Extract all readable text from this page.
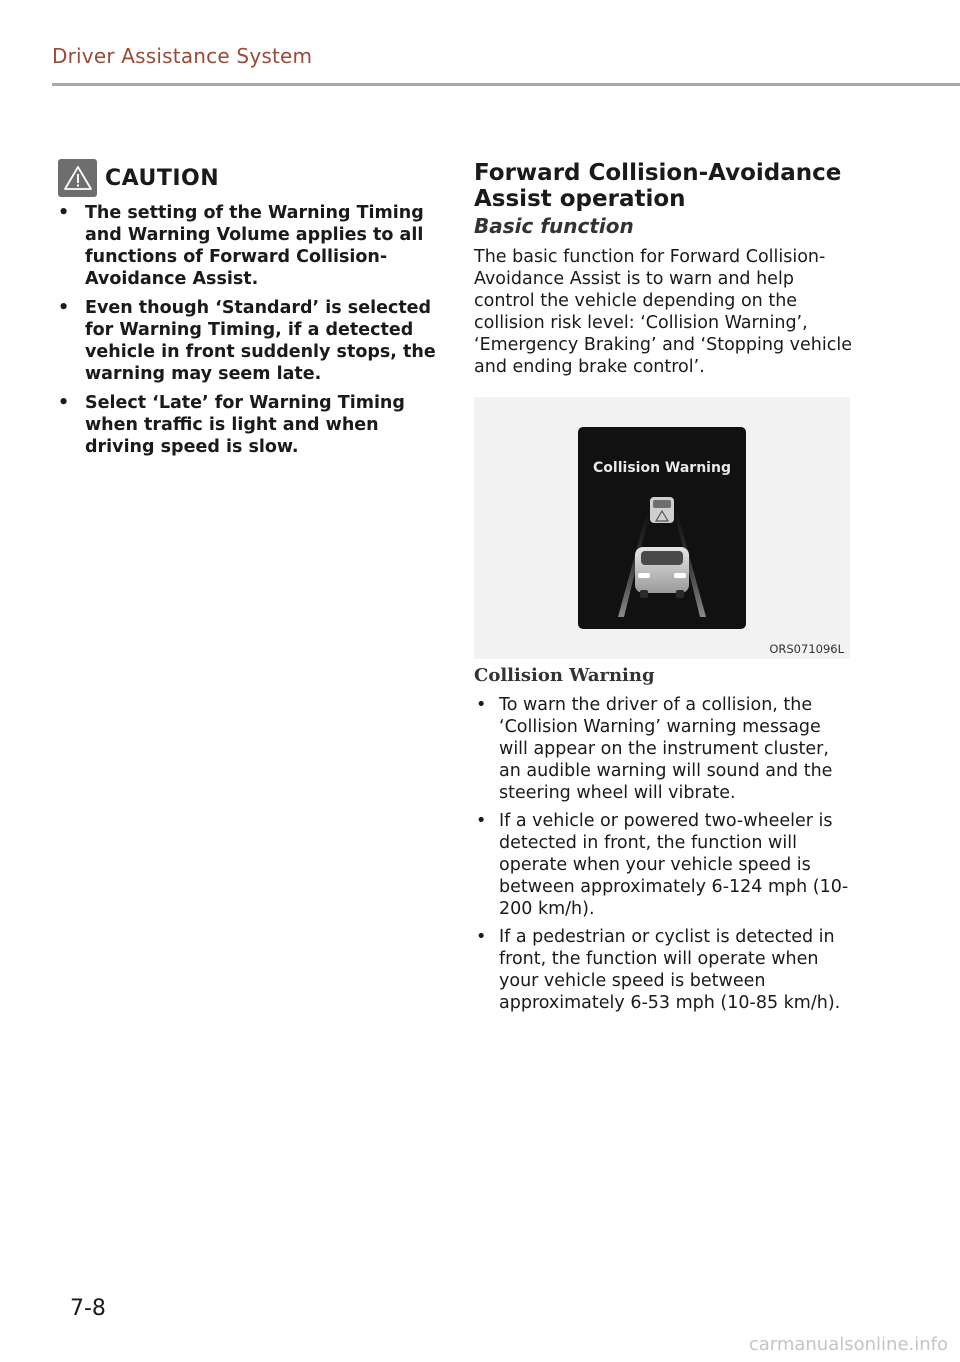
Driver Assistance System
CAUTION
• The setting of the Warning Timing and Warning Volume applies to all functions of Forward Collision-Avoidance Assist.
• Even though ‘Standard’ is selected for Warning Timing, if a detected vehicle in front suddenly stops, the warning may seem late.
• Select ‘Late’ for Warning Timing when traffic is light and when driving speed is slow.
Forward Collision-Avoidance Assist operation
Basic function

The basic function for Forward Collision-Avoidance Assist is to warn and help control the vehicle depending on the collision risk level: ‘Collision Warning’, ‘Emergency Braking’ and ‘Stopping vehicle and ending brake control’.

Collision Warning
ORS071096L
Collision Warning
• To warn the driver of a collision, the ‘Collision Warning’ warning message will appear on the instrument cluster, an audible warning will sound and the steering wheel will vibrate.
• If a vehicle or powered two-wheeler is detected in front, the function will operate when your vehicle speed is between approximately 6-124 mph (10-200 km/h).
• If a pedestrian or cyclist is detected in front, the function will operate when your vehicle speed is between approximately 6-53 mph (10-85 km/h).
7-8
carmanualsonline.info
